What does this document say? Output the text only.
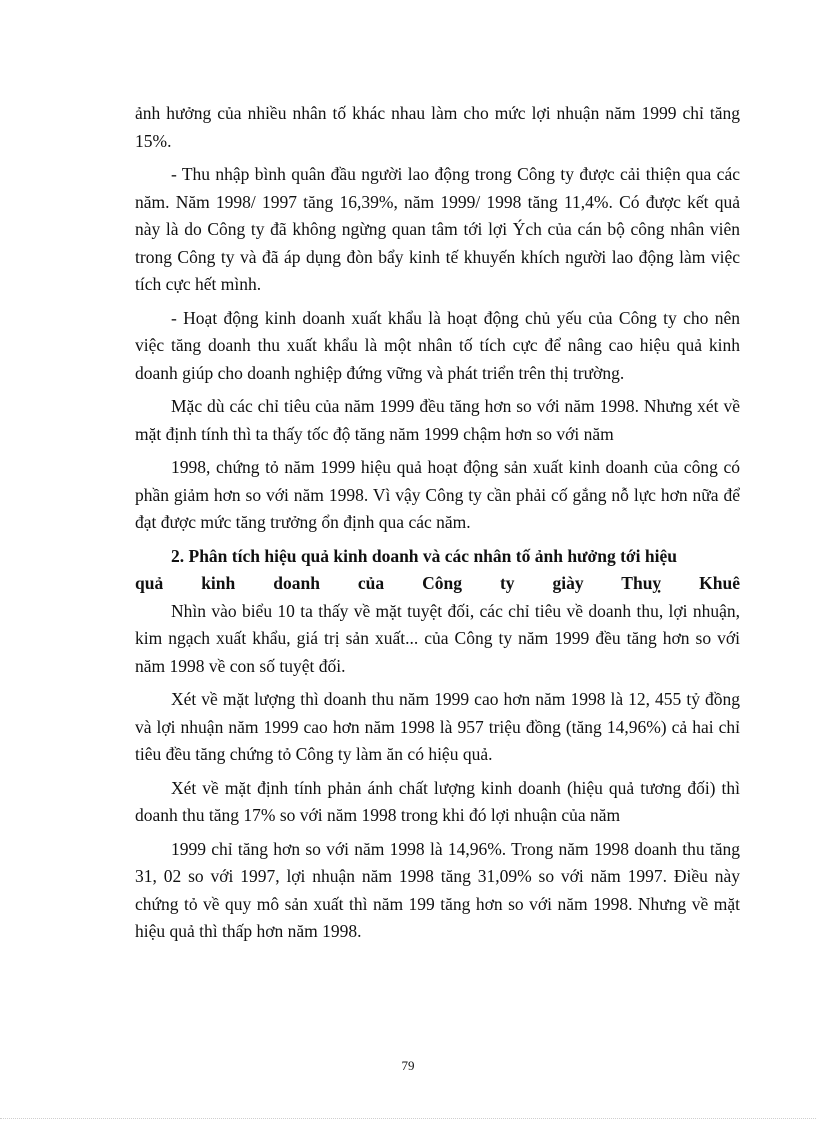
ảnh hưởng của nhiều nhân tố khác nhau làm cho mức lợi nhuận năm 1999 chỉ tăng 15%.

- Thu nhập bình quân đầu người lao động trong Công ty được cải thiện qua các năm. Năm 1998/ 1997 tăng 16,39%, năm 1999/ 1998 tăng 11,4%. Có được kết quả này là do Công ty đã không ngừng quan tâm tới lợi Ých của cán bộ công nhân viên trong Công ty và đã áp dụng đòn bẩy kinh tế khuyến khích người lao động làm việc tích cực hết mình.

- Hoạt động kinh doanh xuất khẩu là hoạt động chủ yếu của Công ty cho nên việc tăng doanh thu xuất khẩu là một nhân tố tích cực để nâng cao hiệu quả kinh doanh giúp cho doanh nghiệp đứng vững và phát triển trên thị trường.

Mặc dù các chỉ tiêu của năm 1999 đều tăng hơn so với năm 1998. Nhưng xét về mặt định tính thì ta thấy tốc độ tăng năm 1999 chậm hơn so với năm

1998, chứng tỏ năm 1999 hiệu quả hoạt động sản xuất kinh doanh của công có phần giảm hơn so với năm 1998. Vì vậy Công ty cần phải cố gắng nỗ lực hơn nữa để đạt được mức tăng trưởng ổn định qua các năm.

2. Phân tích hiệu quả kinh doanh và các nhân tố ảnh hưởng tới hiệu
quả kinh doanh của Công ty giày Thuỵ Khuê

Nhìn vào biểu 10 ta thấy về mặt tuyệt đối, các chỉ tiêu về doanh thu, lợi nhuận, kim ngạch xuất khẩu, giá trị sản xuất... của Công ty năm 1999 đều tăng hơn so với năm 1998 về con số tuyệt đối.

Xét về mặt lượng thì doanh thu năm 1999 cao hơn năm 1998 là 12, 455 tỷ đồng và lợi nhuận năm 1999 cao hơn năm 1998 là 957 triệu đồng (tăng 14,96%) cả hai chỉ tiêu đều tăng chứng tỏ Công ty làm ăn có hiệu quả.

Xét về mặt định tính phản ánh chất lượng kinh doanh (hiệu quả tương đối) thì doanh thu tăng 17% so với năm 1998 trong khi đó lợi nhuận của năm

1999 chỉ tăng hơn so với năm 1998 là 14,96%. Trong năm 1998 doanh thu tăng 31, 02 so với 1997, lợi nhuận năm 1998 tăng 31,09% so với năm 1997. Điều này chứng tỏ về quy mô sản xuất thì năm 199 tăng hơn so với năm 1998. Nhưng về mặt hiệu quả thì thấp hơn năm 1998.

79
